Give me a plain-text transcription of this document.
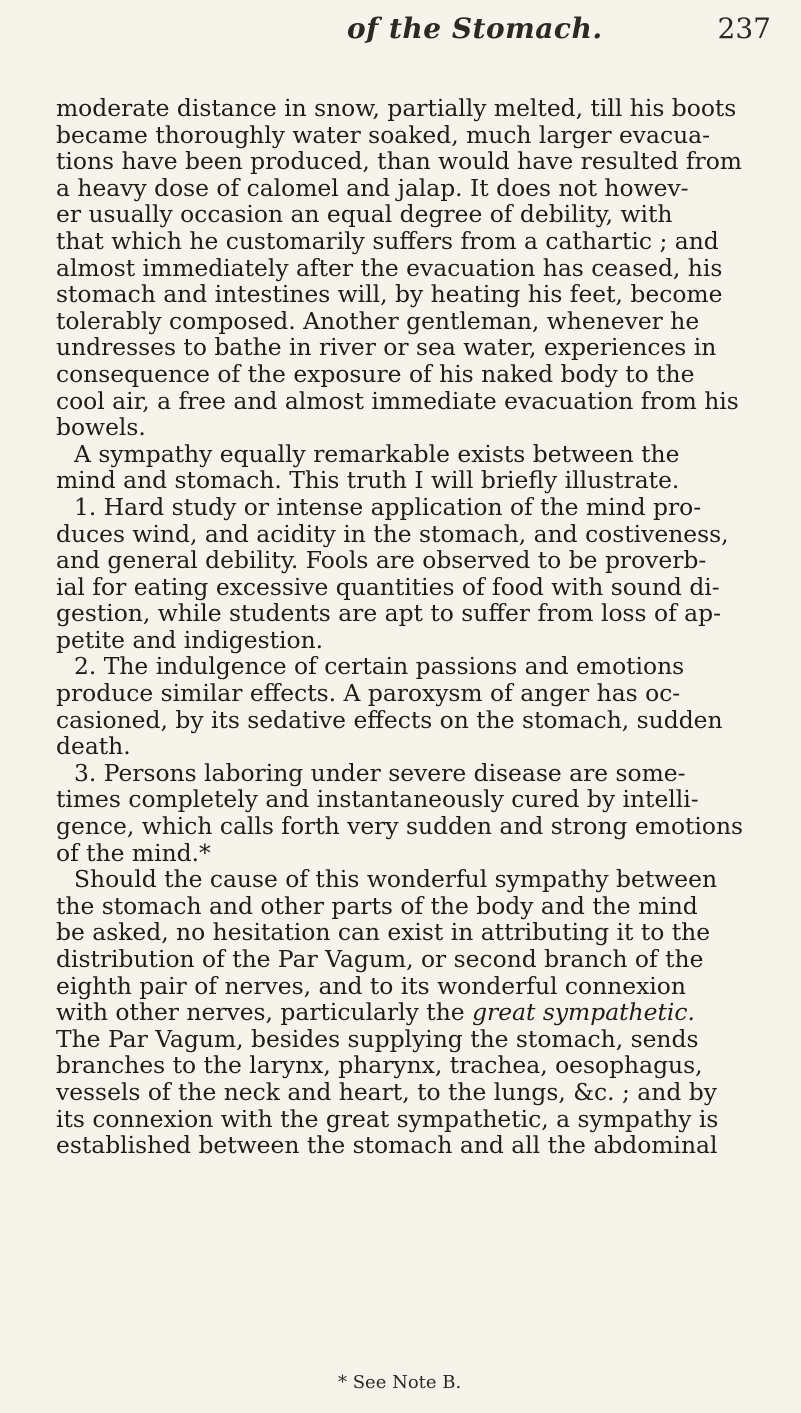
of the Stomach.	237

moderate distance in snow, partially melted, till his boots

became thoroughly water soaked, much larger evacua-

tions have been produced, than would have resulted from

a heavy dose of calomel and jalap. It does not howev-

er usually occasion an equal degree of debility, with

that which he customarily suffers from a cathartic ; and

almost immediately after the evacuation has ceased, his

stomach and intestines will, by heating his feet, become

tolerably composed. Another gentleman, whenever he

undresses to bathe in river or sea water, experiences in

consequence of the exposure of his naked body to the

cool air, a free and almost immediate evacuation from his

bowels.

A sympathy equally remarkable exists between the

mind and stomach. This truth I will briefly illustrate.

1. Hard study or intense application of the mind pro-

duces wind, and acidity in the stomach, and costiveness,

and general debility. Fools are observed to be proverb-

ial for eating excessive quantities of food with sound di-

gestion, while students are apt to suffer from loss of ap-

petite and indigestion.

2. The indulgence of certain passions and emotions

produce similar effects. A paroxysm of anger has oc-

casioned, by its sedative effects on the stomach, sudden

death.

3. Persons laboring under severe disease are some-

times completely and instantaneously cured by intelli-

gence, which calls forth very sudden and strong emotions

of the mind.*

Should the cause of this wonderful sympathy between

the stomach and other parts of the body and the mind

be asked, no hesitation can exist in attributing it to the

distribution of the Par Vagum, or second branch of the

eighth pair of nerves, and to its wonderful connexion

with other nerves, particularly the great sympathetic.

The Par Vagum, besides supplying the stomach, sends

branches to the larynx, pharynx, trachea, oesophagus,

vessels of the neck and heart, to the lungs, &c. ; and by

its connexion with the great sympathetic, a sympathy is

established between the stomach and all the abdominal

* See Note B.
